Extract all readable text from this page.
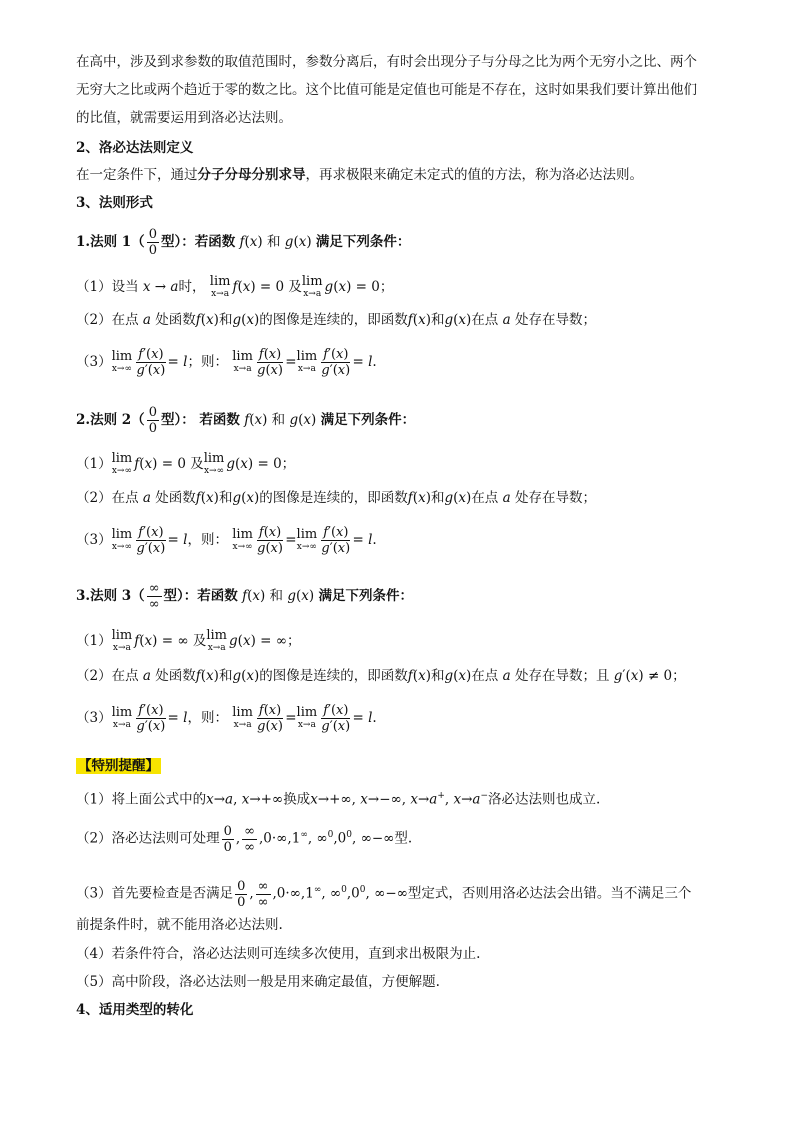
在高中，涉及到求参数的取值范围时，参数分离后，有时会出现分子与分母之比为两个无穷小之比、两个
无穷大之比或两个趋近于零的数之比。这个比值可能是定值也可能是不存在，这时如果我们要计算出他们
的比值，就需要运用到洛必达法则。
2、洛必达法则定义
在一定条件下，通过分子分母分别求导，再求极限来确定未定式的值的方法，称为洛必达法则。
3、法则形式
1.法则 $1( \frac{0}{0}$ 型）：若函数 f(x) 和 g(x) 满足下列条件：
（1）设当 x → a时， lim
x→a f(x) = 0 及 lim
x→a g(x) = 0；
（2）在点 a 处函数f(x)和g(x)的图像是连续的，即函数f(x)和g(x)在点 a 处存在导数；
（3） lim
$x\to\infty \frac{f'(x)}{g'(x)} = l$；则： lim
$x\to a \frac{f(x)}{g(x)} = \lim$
$x\to a \frac{f'(x)}{g'(x)} = l$.
2.法则 $2( \frac{0}{0}$ 型）： 若函数 f(x) 和 g(x) 满足下列条件：
（1） lim
x→∞ f(x) = 0 及 lim
x→∞ g(x) = 0；
（2）在点 a 处函数f(x)和g(x)的图像是连续的，即函数f(x)和g(x)在点 a 处存在导数；
（3） lim
$x\to\infty \frac{f'(x)}{g'(x)} = l$，则： lim
$x\to\infty \frac{f(x)}{g(x)} = \lim$
$x\to\infty \frac{f'(x)}{g'(x)} = l$.
3.法则 $3( \frac{\infty}{\infty}$ 型）：若函数 f(x) 和 g(x) 满足下列条件：
（1） lim
x→a f(x) = ∞ 及 lim
x→a g(x) = ∞；
（2）在点 a 处函数f(x)和g(x)的图像是连续的，即函数f(x)和g(x)在点 a 处存在导数；且 g′(x) ≠ 0；
（3） lim
$x\to a \frac{f'(x)}{g'(x)} = l$，则： lim
$x\to a \frac{f(x)}{g(x)} = \lim$
$x\to a \frac{f'(x)}{g'(x)} = l$.
【特别提醒】
（1）将上面公式中的x→a, x→+∞换成x→+∞, x→−∞, x→a+, x→a−洛必达法则也成立.
（2）洛必达法则可处理 $\frac{0}{0}$ , $\frac{\infty}{\infty} ,0\cdot\infty,1^\infty$, $\infty^0,0^0$, ∞−∞型.
（3）首先要检查是否满足 $\frac{0}{0}$ , $\frac{\infty}{\infty} ,0\cdot\infty,1^\infty$, $\infty^0,0^0$, ∞−∞型定式，否则用洛必达法会出错。当不满足三个
前提条件时，就不能用洛必达法则.
（4）若条件符合，洛必达法则可连续多次使用，直到求出极限为止.
（5）高中阶段，洛必达法则一般是用来确定最值，方便解题.
4、适用类型的转化
